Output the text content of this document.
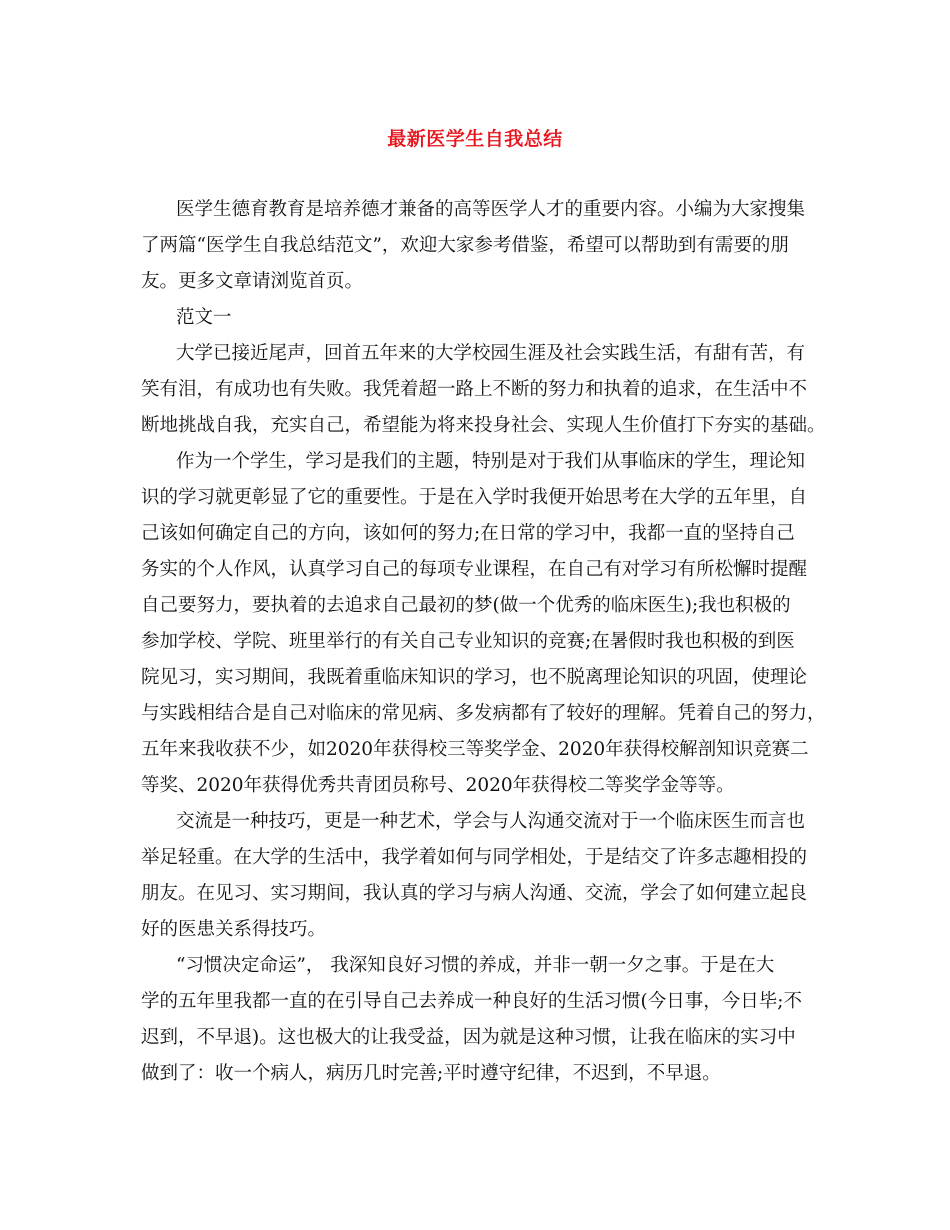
最新医学生自我总结
医学生德育教育是培养德才兼备的高等医学人才的重要内容。小编为大家搜集
了两篇“医学生自我总结范文”，欢迎大家参考借鉴，希望可以帮助到有需要的朋
友。更多文章请浏览首页。
范文一
大学已接近尾声，回首五年来的大学校园生涯及社会实践生活，有甜有苦，有
笑有泪，有成功也有失败。我凭着超一路上不断的努力和执着的追求，在生活中不
断地挑战自我，充实自己，希望能为将来投身社会、实现人生价值打下夯实的基础。
作为一个学生，学习是我们的主题，特别是对于我们从事临床的学生，理论知
识的学习就更彰显了它的重要性。于是在入学时我便开始思考在大学的五年里，自
己该如何确定自己的方向，该如何的努力;在日常的学习中，我都一直的坚持自己
务实的个人作风，认真学习自己的每项专业课程，在自己有对学习有所松懈时提醒
自己要努力，要执着的去追求自己最初的梦(做一个优秀的临床医生);我也积极的
参加学校、学院、班里举行的有关自己专业知识的竞赛;在暑假时我也积极的到医
院见习，实习期间，我既着重临床知识的学习，也不脱离理论知识的巩固，使理论
与实践相结合是自己对临床的常见病、多发病都有了较好的理解。凭着自己的努力，
五年来我收获不少，如2020年获得校三等奖学金、2020年获得校解剖知识竞赛二
等奖、2020年获得优秀共青团员称号、2020年获得校二等奖学金等等。
交流是一种技巧，更是一种艺术，学会与人沟通交流对于一个临床医生而言也
举足轻重。在大学的生活中，我学着如何与同学相处，于是结交了许多志趣相投的
朋友。在见习、实习期间，我认真的学习与病人沟通、交流，学会了如何建立起良
好的医患关系得技巧。
“习惯决定命运”， 我深知良好习惯的养成，并非一朝一夕之事。于是在大
学的五年里我都一直的在引导自己去养成一种良好的生活习惯(今日事，今日毕;不
迟到，不早退)。这也极大的让我受益，因为就是这种习惯，让我在临床的实习中
做到了：收一个病人，病历几时完善;平时遵守纪律，不迟到，不早退。
